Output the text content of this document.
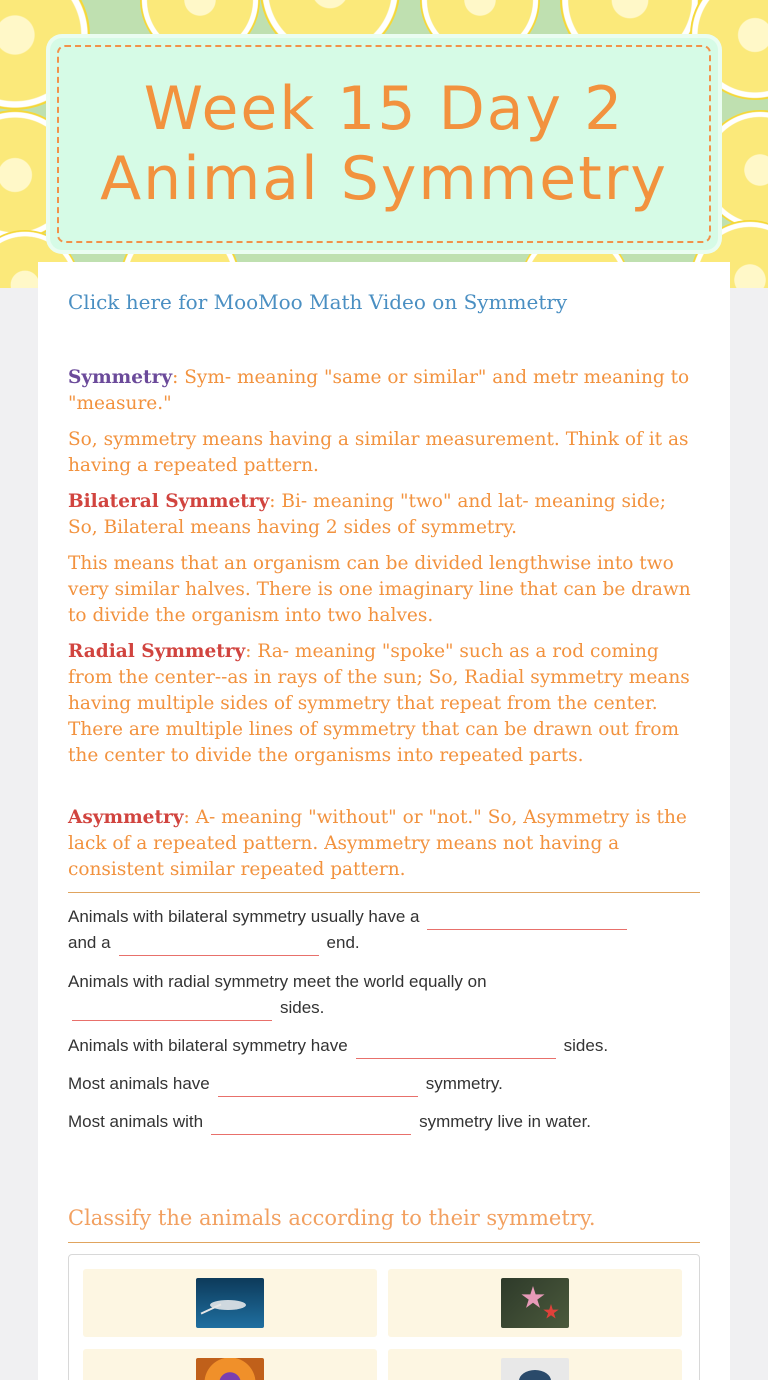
Week 15 Day 2
Animal Symmetry
Click here for MooMoo Math Video on Symmetry
Symmetry: Sym- meaning "same or similar" and metr meaning to "measure."
So, symmetry means having a similar measurement. Think of it as having a repeated pattern.
Bilateral Symmetry: Bi- meaning "two" and lat- meaning side; So, Bilateral means having 2 sides of symmetry.
This means that an organism can be divided lengthwise into two very similar halves. There is one imaginary line that can be drawn to divide the organism into two halves.
Radial Symmetry: Ra- meaning "spoke" such as a rod coming from the center--as in rays of the sun; So, Radial symmetry means having multiple sides of symmetry that repeat from the center. There are multiple lines of symmetry that can be drawn out from the center to divide the organisms into repeated parts.
Asymmetry: A- meaning "without" or "not." So, Asymmetry is the lack of a repeated pattern. Asymmetry means not having a consistent similar repeated pattern.
Animals with bilateral symmetry usually have a
and a	end.
Animals with radial symmetry meet the world equally on
sides.
Animals with bilateral symmetry have	sides.
Most animals have	symmetry.
Most animals with	symmetry live in water.
Classify the animals according to their symmetry.
